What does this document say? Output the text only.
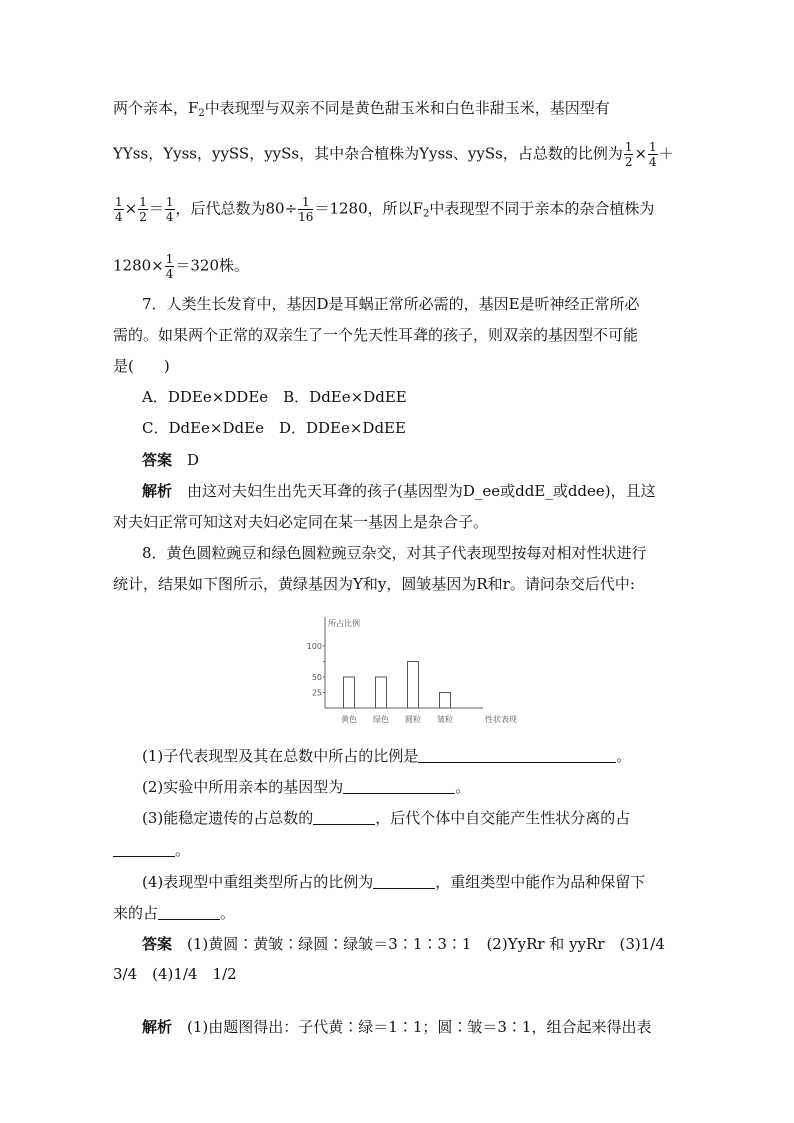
两个亲本，$F_2$中表现型与双亲不同是黄色甜玉米和白色非甜玉米，基因型有
YYss，Yyss，yySS，yySs，其中杂合植株为Yyss、yySs，占总数的比例为 $\frac{1}{2} \times \frac{1}{4}$ ＋
$\frac{1}{4} \times \frac{1}{2} = \frac{1}{4}$ ，后代总数为$80\div \frac{1}{16} =1280$，所以$F_2$中表现型不同于亲本的杂合植株为
$1280\times \frac{1}{4} =320$株。
7．人类生长发育中，基因D是耳蜗正常所必需的，基因E是听神经正常所必
需的。如果两个正常的双亲生了一个先天性耳聋的孩子，则双亲的基因型不可能
是(　　)
A．DDEe×DDEe　B．DdEe×DdEE
C．DdEe×DdEe　D．DDEe×DdEE
答案　 D
解析　 由这对夫妇生出先天耳聋的孩子(基因型为D_ee或ddE_或ddee)，且这
对夫妇正常可知这对夫妇必定同在某一基因上是杂合子。
8．黄色圆粒豌豆和绿色圆粒豌豆杂交，对其子代表现型按每对相对性状进行
统计，结果如下图所示，黄绿基因为Y和y，圆皱基因为R和r。请问杂交后代中:
所占比例
性状表现
25
50
100
黄色 绿色 圆粒 皱粒
(1)子代表现型及其在总数中所占的比例是	。
(2)实验中所用亲本的基因型为	。
(3)能稳定遗传的占总数的	，后代个体中自交能产生性状分离的占
。
(4)表现型中重组类型所占的比例为	，重组类型中能作为品种保留下
来的占	。
答案　 (1)黄圆∶黄皱∶绿圆∶绿皱＝3∶1∶3∶1　(2)YyRr 和 yyRr　(3)1/4
3/4　(4)1/4　1/2
解析　 (1)由题图得出：子代黄∶绿＝1∶1；圆∶皱＝3∶1，组合起来得出表
